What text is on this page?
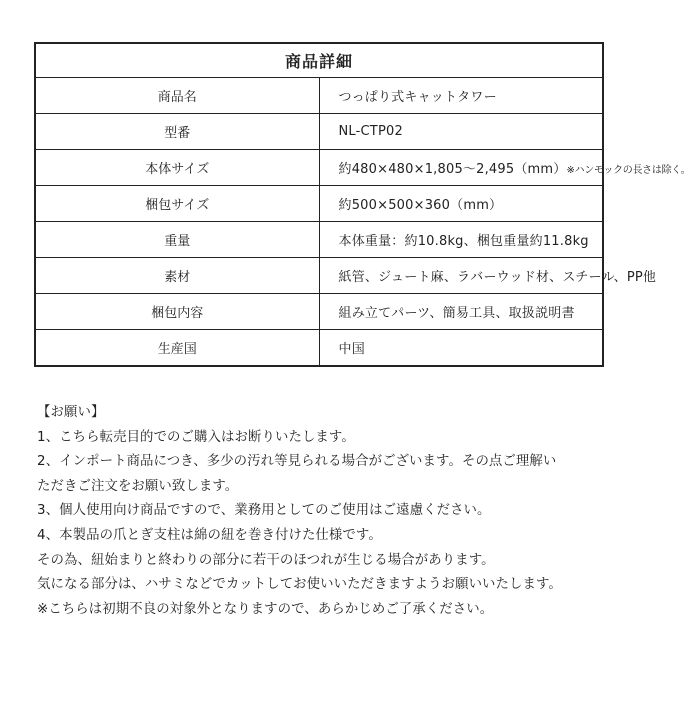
商品詳細	
商品名	つっぱり式キャットタワー
型番	NL-CTP02
本体サイズ	約480×480×1,805〜2,495（mm）※ハンモックの長さは除く。
梱包サイズ	約500×500×360（mm）
重量	本体重量：約10.8kg、梱包重量約11.8kg
素材	紙管、ジュート麻、ラバーウッド材、スチール、PP他
梱包内容	組み立てパーツ、簡易工具、取扱説明書
生産国	中国
【お願い】
1、こちら転売目的でのご購入はお断りいたします。
2、インポート商品につき、多少の汚れ等見られる場合がございます。その点ご理解い
ただきご注文をお願い致します。
3、個人使用向け商品ですので、業務用としてのご使用はご遠慮ください。
4、本製品の爪とぎ支柱は綿の紐を巻き付けた仕様です。
その為、紐始まりと終わりの部分に若干のほつれが生じる場合があります。
気になる部分は、ハサミなどでカットしてお使いいただきますようお願いいたします。
※こちらは初期不良の対象外となりますので、あらかじめご了承ください。
